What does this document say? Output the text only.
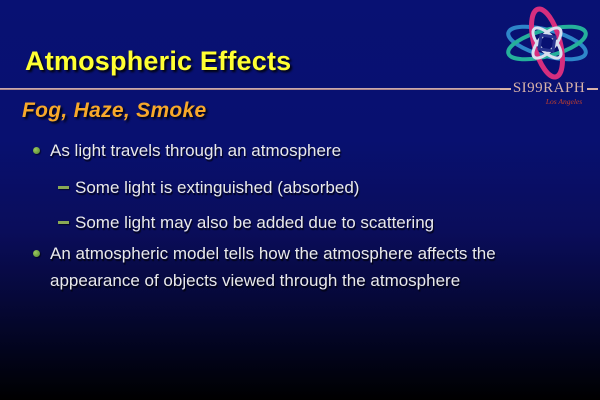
Atmospheric Effects
SI99RAPH
Los Angeles
Fog, Haze, Smoke
As light travels through an atmosphere
Some light is extinguished (absorbed)
Some light may also be added due to scattering
An atmospheric model tells how the atmosphere affects the appearance of objects viewed through the atmosphere
